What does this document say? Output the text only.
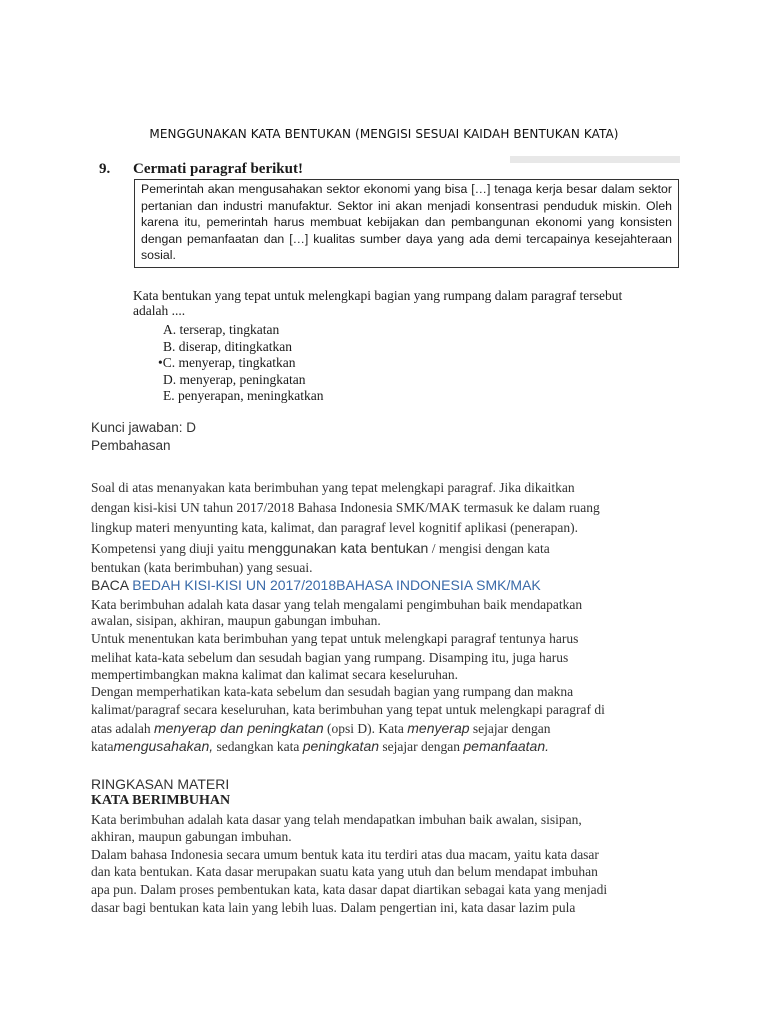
MENGGUNAKAN KATA BENTUKAN (MENGISI SESUAI KAIDAH BENTUKAN KATA)
9. Cermati paragraf berikut!

Pemerintah akan mengusahakan sektor ekonomi yang bisa […] tenaga kerja besar dalam sektor pertanian dan industri manufaktur. Sektor ini akan menjadi konsentrasi penduduk miskin. Oleh karena itu, pemerintah harus membuat kebijakan dan pembangunan ekonomi yang konsisten dengan pemanfaatan dan […] kualitas sumber daya yang ada demi tercapainya kesejahteraan sosial.

Kata bentukan yang tepat untuk melengkapi bagian yang rumpang dalam paragraf tersebut
adalah ....
A. terserap, tingkatan
B. diserap, ditingkatkan
•C. menyerap, tingkatkan
D. menyerap, peningkatan
E. penyerapan, meningkatkan
Kunci jawaban: D
Pembahasan
Soal di atas menanyakan kata berimbuhan yang tepat melengkapi paragraf. Jika dikaitkan
dengan kisi-kisi UN tahun 2017/2018 Bahasa Indonesia SMK/MAK termasuk ke dalam ruang
lingkup materi menyunting kata, kalimat, dan paragraf level kognitif aplikasi (penerapan).
Kompetensi yang diuji yaitu menggunakan kata bentukan / mengisi dengan kata
bentukan (kata berimbuhan) yang sesuai.
BACA BEDAH KISI-KISI UN 2017/2018BAHASA INDONESIA SMK/MAK
Kata berimbuhan adalah kata dasar yang telah mengalami pengimbuhan baik mendapatkan
awalan, sisipan, akhiran, maupun gabungan imbuhan.
Untuk menentukan kata berimbuhan yang tepat untuk melengkapi paragraf tentunya harus
melihat kata-kata sebelum dan sesudah bagian yang rumpang. Disamping itu, juga harus
mempertimbangkan makna kalimat dan kalimat secara keseluruhan.
Dengan memperhatikan kata-kata sebelum dan sesudah bagian yang rumpang dan makna
kalimat/paragraf secara keseluruhan, kata berimbuhan yang tepat untuk melengkapi paragraf di
atas adalah menyerap dan peningkatan (opsi D). Kata menyerap sejajar dengan
katamengusahakan, sedangkan kata peningkatan sejajar dengan pemanfaatan.
RINGKASAN MATERI
KATA BERIMBUHAN
Kata berimbuhan adalah kata dasar yang telah mendapatkan imbuhan baik awalan, sisipan,
akhiran, maupun gabungan imbuhan.
Dalam bahasa Indonesia secara umum bentuk kata itu terdiri atas dua macam, yaitu kata dasar
dan kata bentukan. Kata dasar merupakan suatu kata yang utuh dan belum mendapat imbuhan
apa pun. Dalam proses pembentukan kata, kata dasar dapat diartikan sebagai kata yang menjadi
dasar bagi bentukan kata lain yang lebih luas. Dalam pengertian ini, kata dasar lazim pula
